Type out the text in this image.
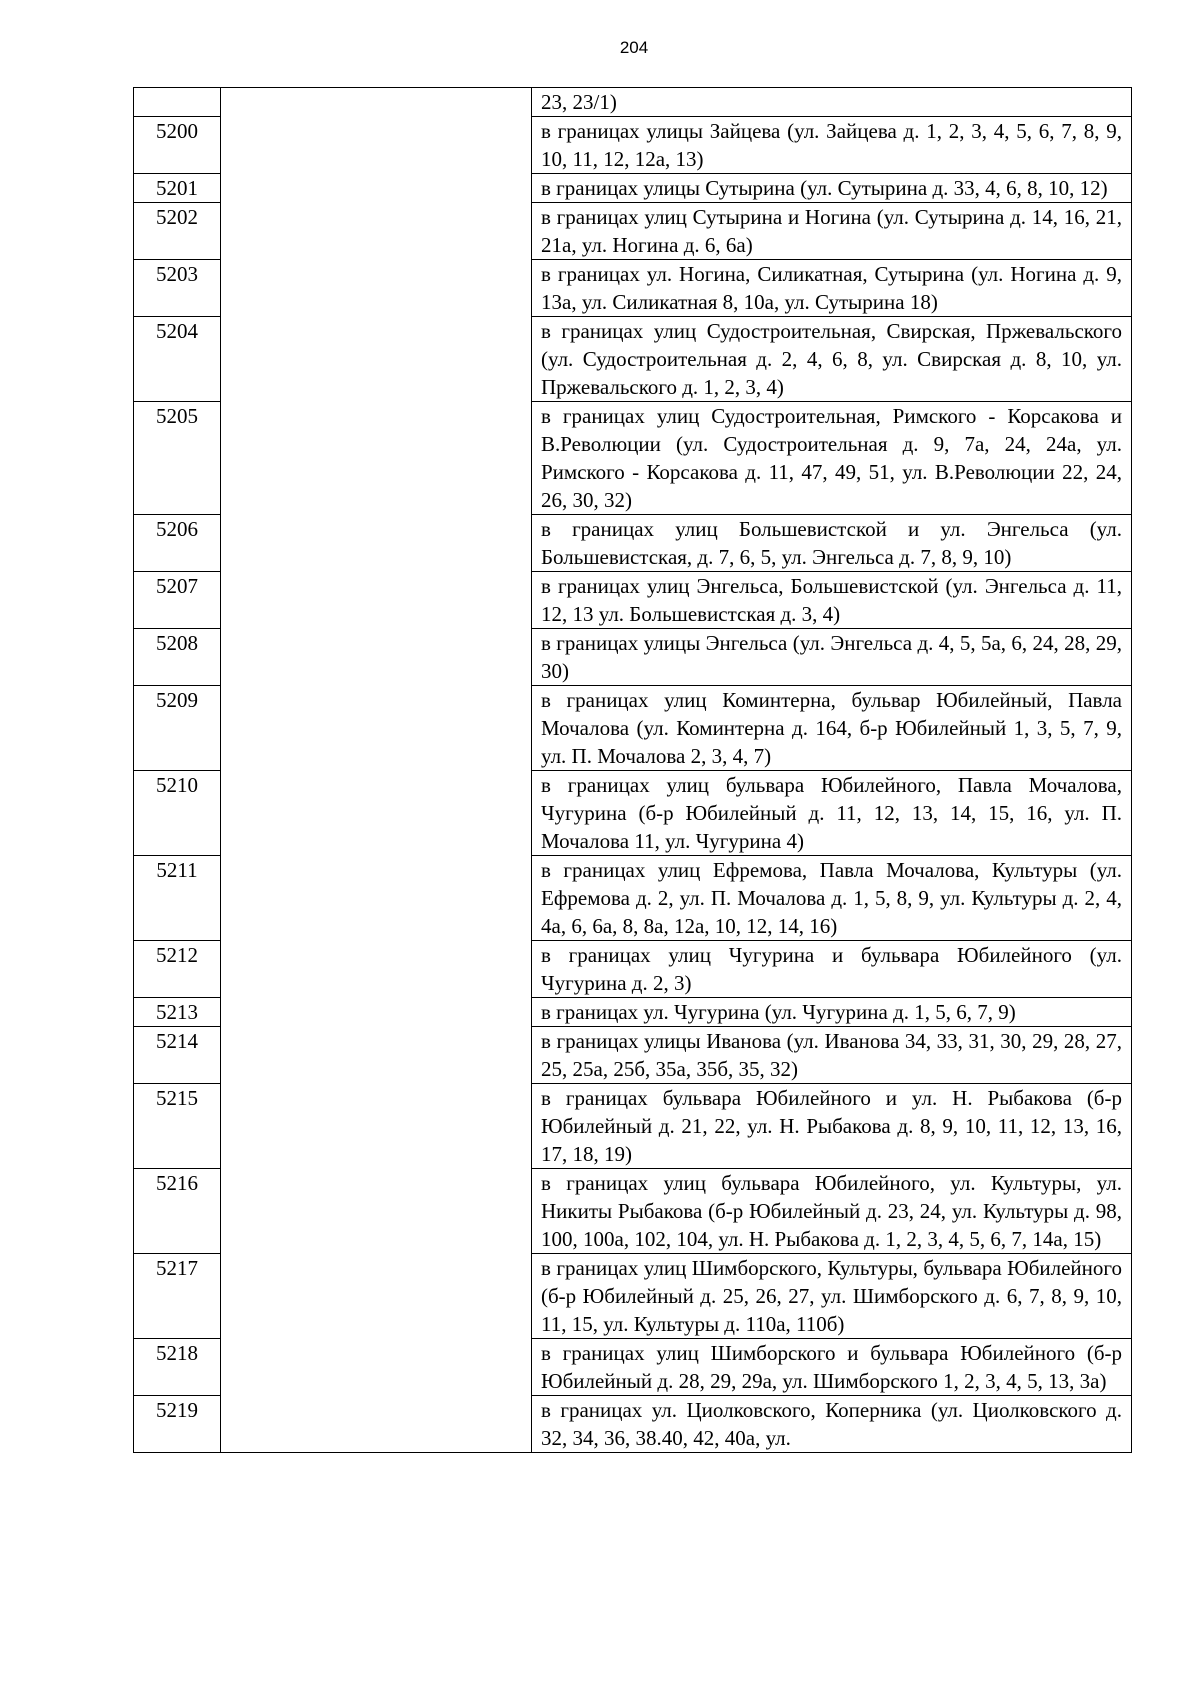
204
		23, 23/1)
5200		в границах улицы Зайцева (ул. Зайцева д. 1, 2, 3, 4, 5, 6, 7, 8, 9, 10, 11, 12, 12а, 13)
5201		в границах улицы Сутырина (ул. Сутырина д. 33, 4, 6, 8, 10, 12)
5202		в границах улиц Сутырина и Ногина (ул. Сутырина д. 14, 16, 21, 21а, ул. Ногина д. 6, 6а)
5203		в границах ул. Ногина, Силикатная, Сутырина (ул. Ногина д. 9, 13а, ул. Силикатная 8, 10а, ул. Сутырина 18)
5204		в границах улиц Судостроительная, Свирская, Пржевальского (ул. Судостроительная д. 2, 4, 6, 8, ул. Свирская д. 8, 10, ул. Пржевальского д. 1, 2, 3, 4)
5205		в границах улиц Судостроительная, Римского - Корсакова и В.Революции (ул. Судостроительная д. 9, 7а, 24, 24а, ул. Римского - Корсакова д. 11, 47, 49, 51, ул. В.Революции 22, 24, 26, 30, 32)
5206		в границах улиц Большевистской и ул. Энгельса (ул. Большевистская, д. 7, 6, 5, ул. Энгельса д. 7, 8, 9, 10)
5207		в границах улиц Энгельса, Большевистской (ул. Энгельса д. 11, 12, 13 ул. Большевистская д. 3, 4)
5208		в границах улицы Энгельса (ул. Энгельса д. 4, 5, 5а, 6, 24, 28, 29, 30)
5209		в границах улиц Коминтерна, бульвар Юбилейный, Павла Мочалова (ул. Коминтерна д. 164, б-р Юбилейный 1, 3, 5, 7, 9, ул. П. Мочалова 2, 3, 4, 7)
5210		в границах улиц бульвара Юбилейного, Павла Мочалова, Чугурина (б-р Юбилейный д. 11, 12, 13, 14, 15, 16, ул. П. Мочалова 11, ул. Чугурина 4)
5211		в границах улиц Ефремова, Павла Мочалова, Культуры (ул. Ефремова д. 2, ул. П. Мочалова д. 1, 5, 8, 9, ул. Культуры д. 2, 4, 4а, 6, 6а, 8, 8а, 12а, 10, 12, 14, 16)
5212		в границах улиц Чугурина и бульвара Юбилейного (ул. Чугурина д. 2, 3)
5213		в границах ул. Чугурина (ул. Чугурина д. 1, 5, 6, 7, 9)
5214		в границах улицы Иванова (ул. Иванова 34, 33, 31, 30, 29, 28, 27, 25, 25а, 25б, 35а, 35б, 35, 32)
5215		в границах бульвара Юбилейного и ул. Н. Рыбакова (б-р Юбилейный д. 21, 22, ул. Н. Рыбакова д. 8, 9, 10, 11, 12, 13, 16, 17, 18, 19)
5216		в границах улиц бульвара Юбилейного, ул. Культуры, ул. Никиты Рыбакова (б-р Юбилейный д. 23, 24, ул. Культуры д. 98, 100, 100а, 102, 104, ул. Н. Рыбакова д. 1, 2, 3, 4, 5, 6, 7, 14а, 15)
5217		в границах улиц Шимборского, Культуры, бульвара Юбилейного (б-р Юбилейный д. 25, 26, 27, ул. Шимборского д. 6, 7, 8, 9, 10, 11, 15, ул. Культуры д. 110а, 110б)
5218		в границах улиц Шимборского и бульвара Юбилейного (б-р Юбилейный д. 28, 29, 29а, ул. Шимборского 1, 2, 3, 4, 5, 13, 3а)
5219		в границах ул. Циолковского, Коперника (ул. Циолковского д. 32, 34, 36, 38.40, 42, 40а, ул.
